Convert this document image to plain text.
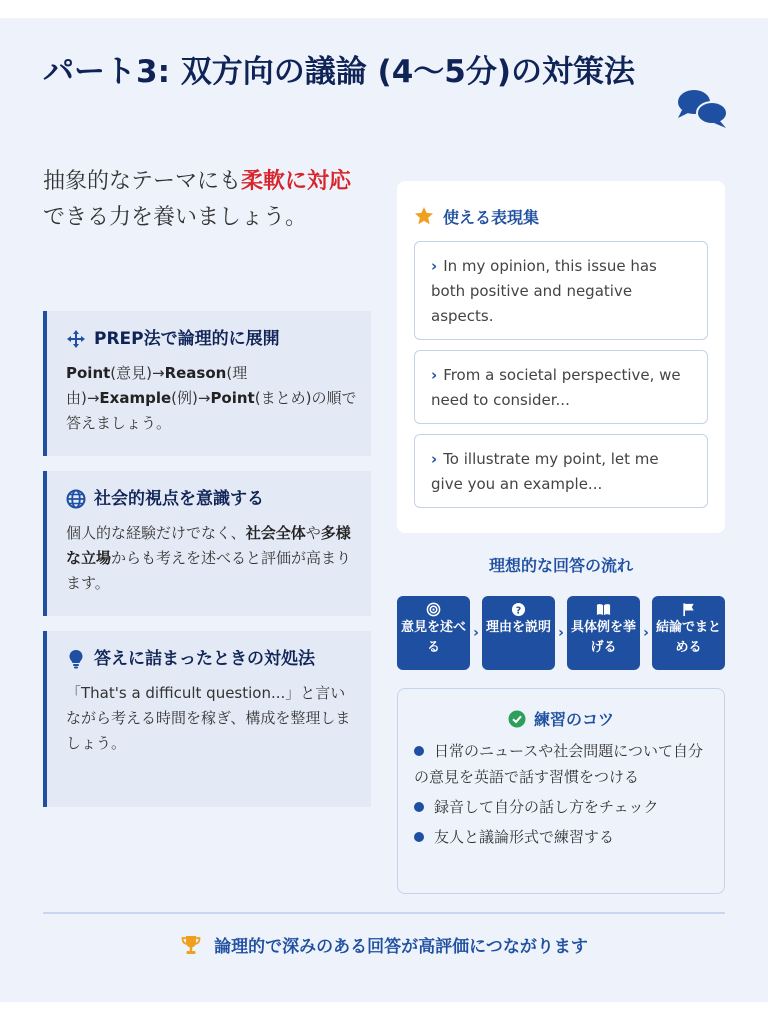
パート3: 双方向の議論 (4〜5分)の対策法

抽象的なテーマにも柔軟に対応できる力を養いましょう。

PREP法で論理的に展開
Point(意見)→Reason(理由)→Example(例)→Point(まとめ)の順で答えましょう。
社会的視点を意識する
個人的な経験だけでなく、社会全体や多様な立場からも考えを述べると評価が高まります。
答えに詰まったときの対処法
「That's a difficult question...」と言いながら考える時間を稼ぎ、構成を整理しましょう。
使える表現集
› In my opinion, this issue has both positive and negative aspects.
› From a societal perspective, we need to consider...
› To illustrate my point, let me give you an example...
理想的な回答の流れ
意見を述べる
›
?
理由を説明 › 具体例を挙げる
› 結論でまとめる
練習のコツ
日常のニュースや社会問題について自分の意見を英語で話す習慣をつける
録音して自分の話し方をチェック
友人と議論形式で練習する
論理的で深みのある回答が高評価につながります
